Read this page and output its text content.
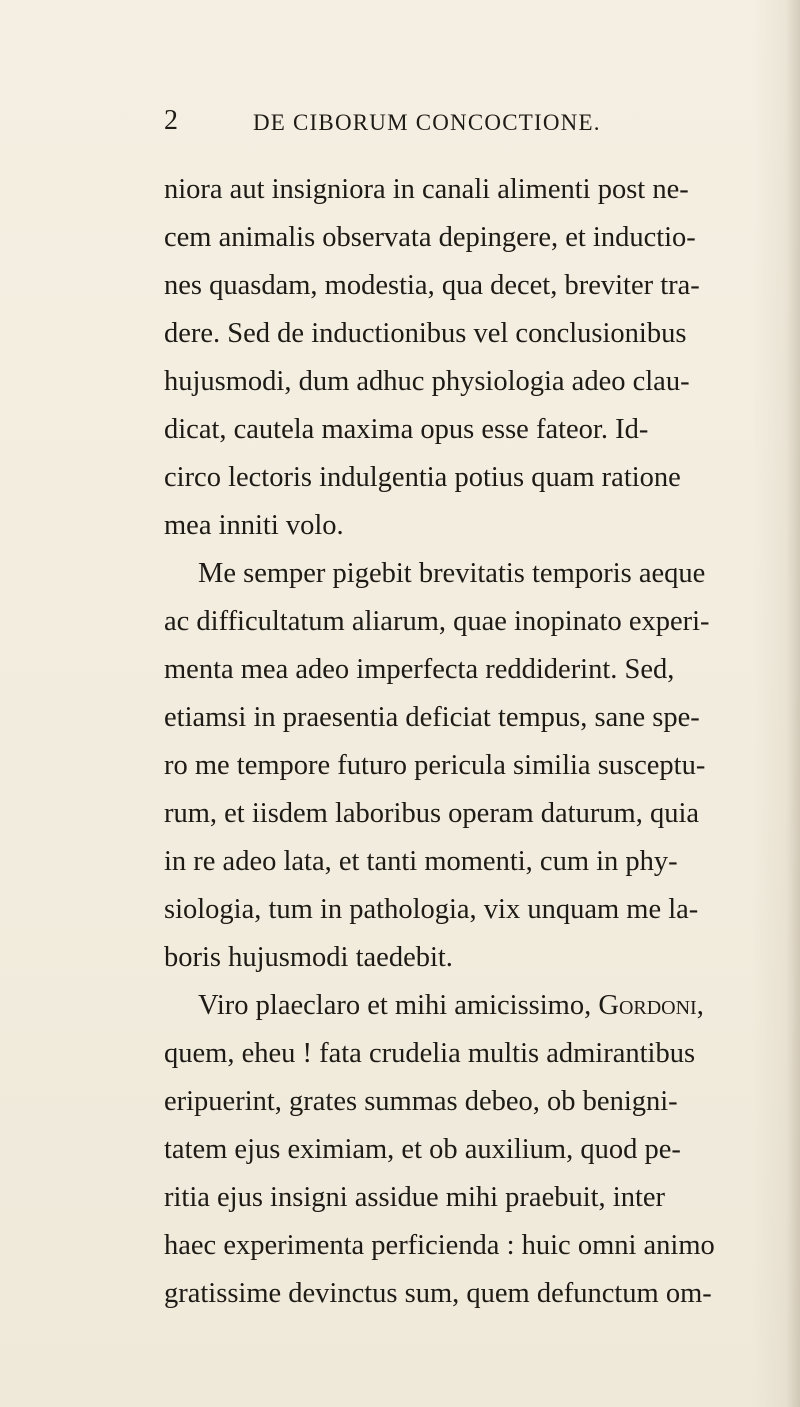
2	DE CIBORUM CONCOCTIONE.
niora aut insigniora in canali alimenti post ne-
cem animalis observata depingere, et inductio-
nes quasdam, modestia, qua decet, breviter tra-
dere. Sed de inductionibus vel conclusionibus
hujusmodi, dum adhuc physiologia adeo clau-
dicat, cautela maxima opus esse fateor. Id-
circo lectoris indulgentia potius quam ratione
mea inniti volo.
Me semper pigebit brevitatis temporis aeque
ac difficultatum aliarum, quae inopinato experi-
menta mea adeo imperfecta reddiderint. Sed,
etiamsi in praesentia deficiat tempus, sane spe-
ro me tempore futuro pericula similia susceptu-
rum, et iisdem laboribus operam daturum, quia
in re adeo lata, et tanti momenti, cum in phy-
siologia, tum in pathologia, vix unquam me la-
boris hujusmodi taedebit.
Viro plaeclaro et mihi amicissimo, Gordoni,
quem, eheu ! fata crudelia multis admirantibus
eripuerint, grates summas debeo, ob benigni-
tatem ejus eximiam, et ob auxilium, quod pe-
ritia ejus insigni assidue mihi praebuit, inter
haec experimenta perficienda : huic omni animo
gratissime devinctus sum, quem defunctum om-
